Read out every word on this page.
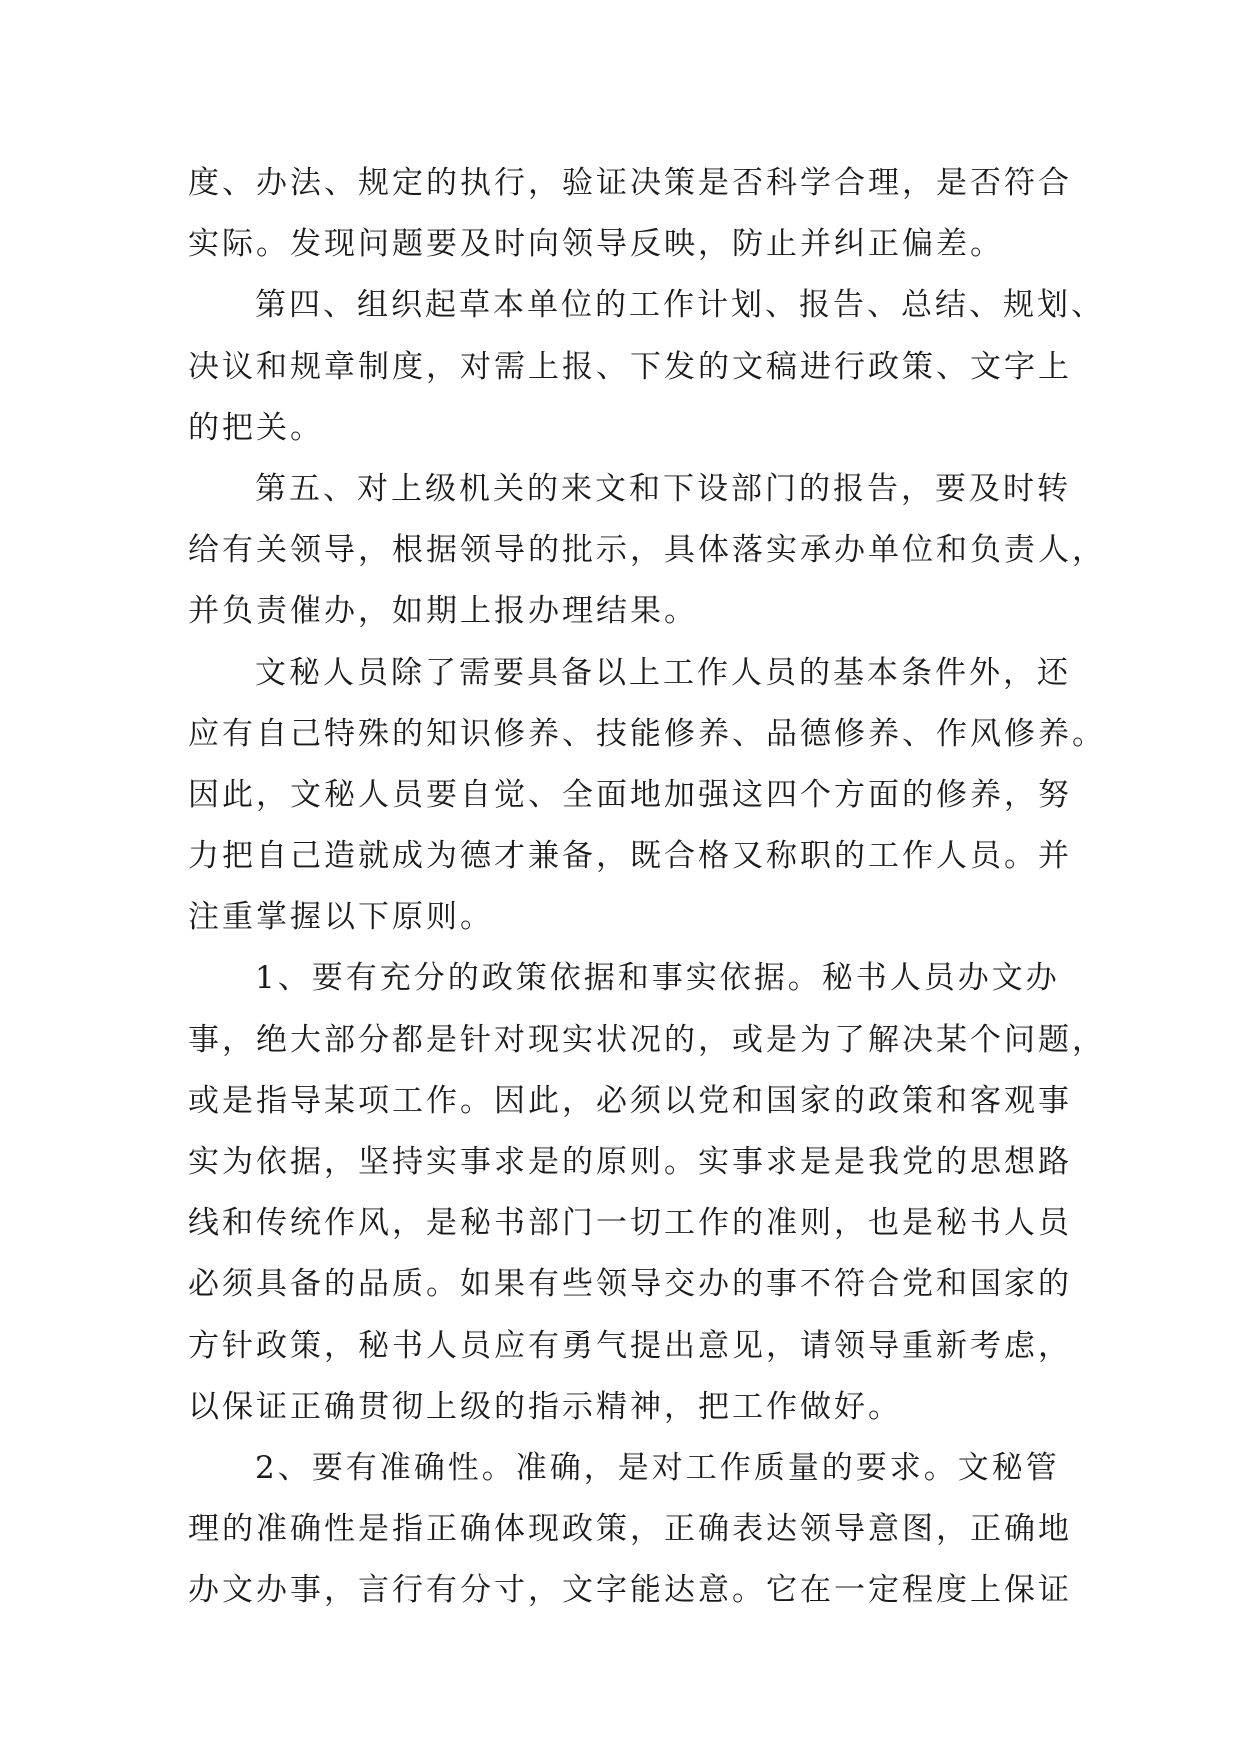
度、办法、规定的执行，验证决策是否科学合理，是否符合
实际。发现问题要及时向领导反映，防止并纠正偏差。
第四、组织起草本单位的工作计划、报告、总结、规划、
决议和规章制度，对需上报、下发的文稿进行政策、文字上
的把关。
第五、对上级机关的来文和下设部门的报告，要及时转
给有关领导，根据领导的批示，具体落实承办单位和负责人，
并负责催办，如期上报办理结果。
文秘人员除了需要具备以上工作人员的基本条件外，还
应有自己特殊的知识修养、技能修养、品德修养、作风修养。
因此，文秘人员要自觉、全面地加强这四个方面的修养，努
力把自己造就成为德才兼备，既合格又称职的工作人员。并
注重掌握以下原则。
1、要有充分的政策依据和事实依据。秘书人员办文办
事，绝大部分都是针对现实状况的，或是为了解决某个问题，
或是指导某项工作。因此，必须以党和国家的政策和客观事
实为依据，坚持实事求是的原则。实事求是是我党的思想路
线和传统作风，是秘书部门一切工作的准则，也是秘书人员
必须具备的品质。如果有些领导交办的事不符合党和国家的
方针政策，秘书人员应有勇气提出意见，请领导重新考虑，
以保证正确贯彻上级的指示精神，把工作做好。
2、要有准确性。准确，是对工作质量的要求。文秘管
理的准确性是指正确体现政策，正确表达领导意图，正确地
办文办事，言行有分寸，文字能达意。它在一定程度上保证
